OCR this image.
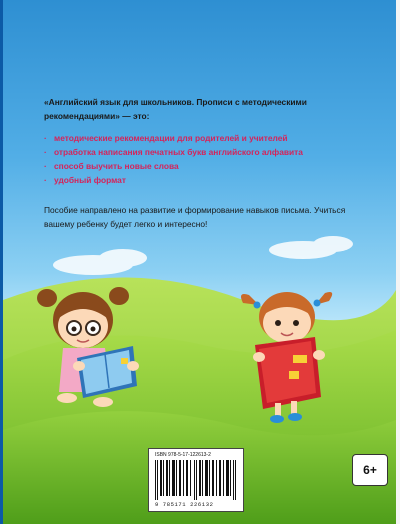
«Английский язык для школьников. Прописи с методическими рекомендациями» — это:
· методические рекомендации для родителей и учителей
· отработка написания печатных букв английского алфавита
· способ выучить новые слова
· удобный формат
Пособие направлено на развитие и формирование навыков письма. Учиться вашему ребенку будет легко и интересно!
ISBN 978-5-17-122613-2
9 785171 226132
6+
